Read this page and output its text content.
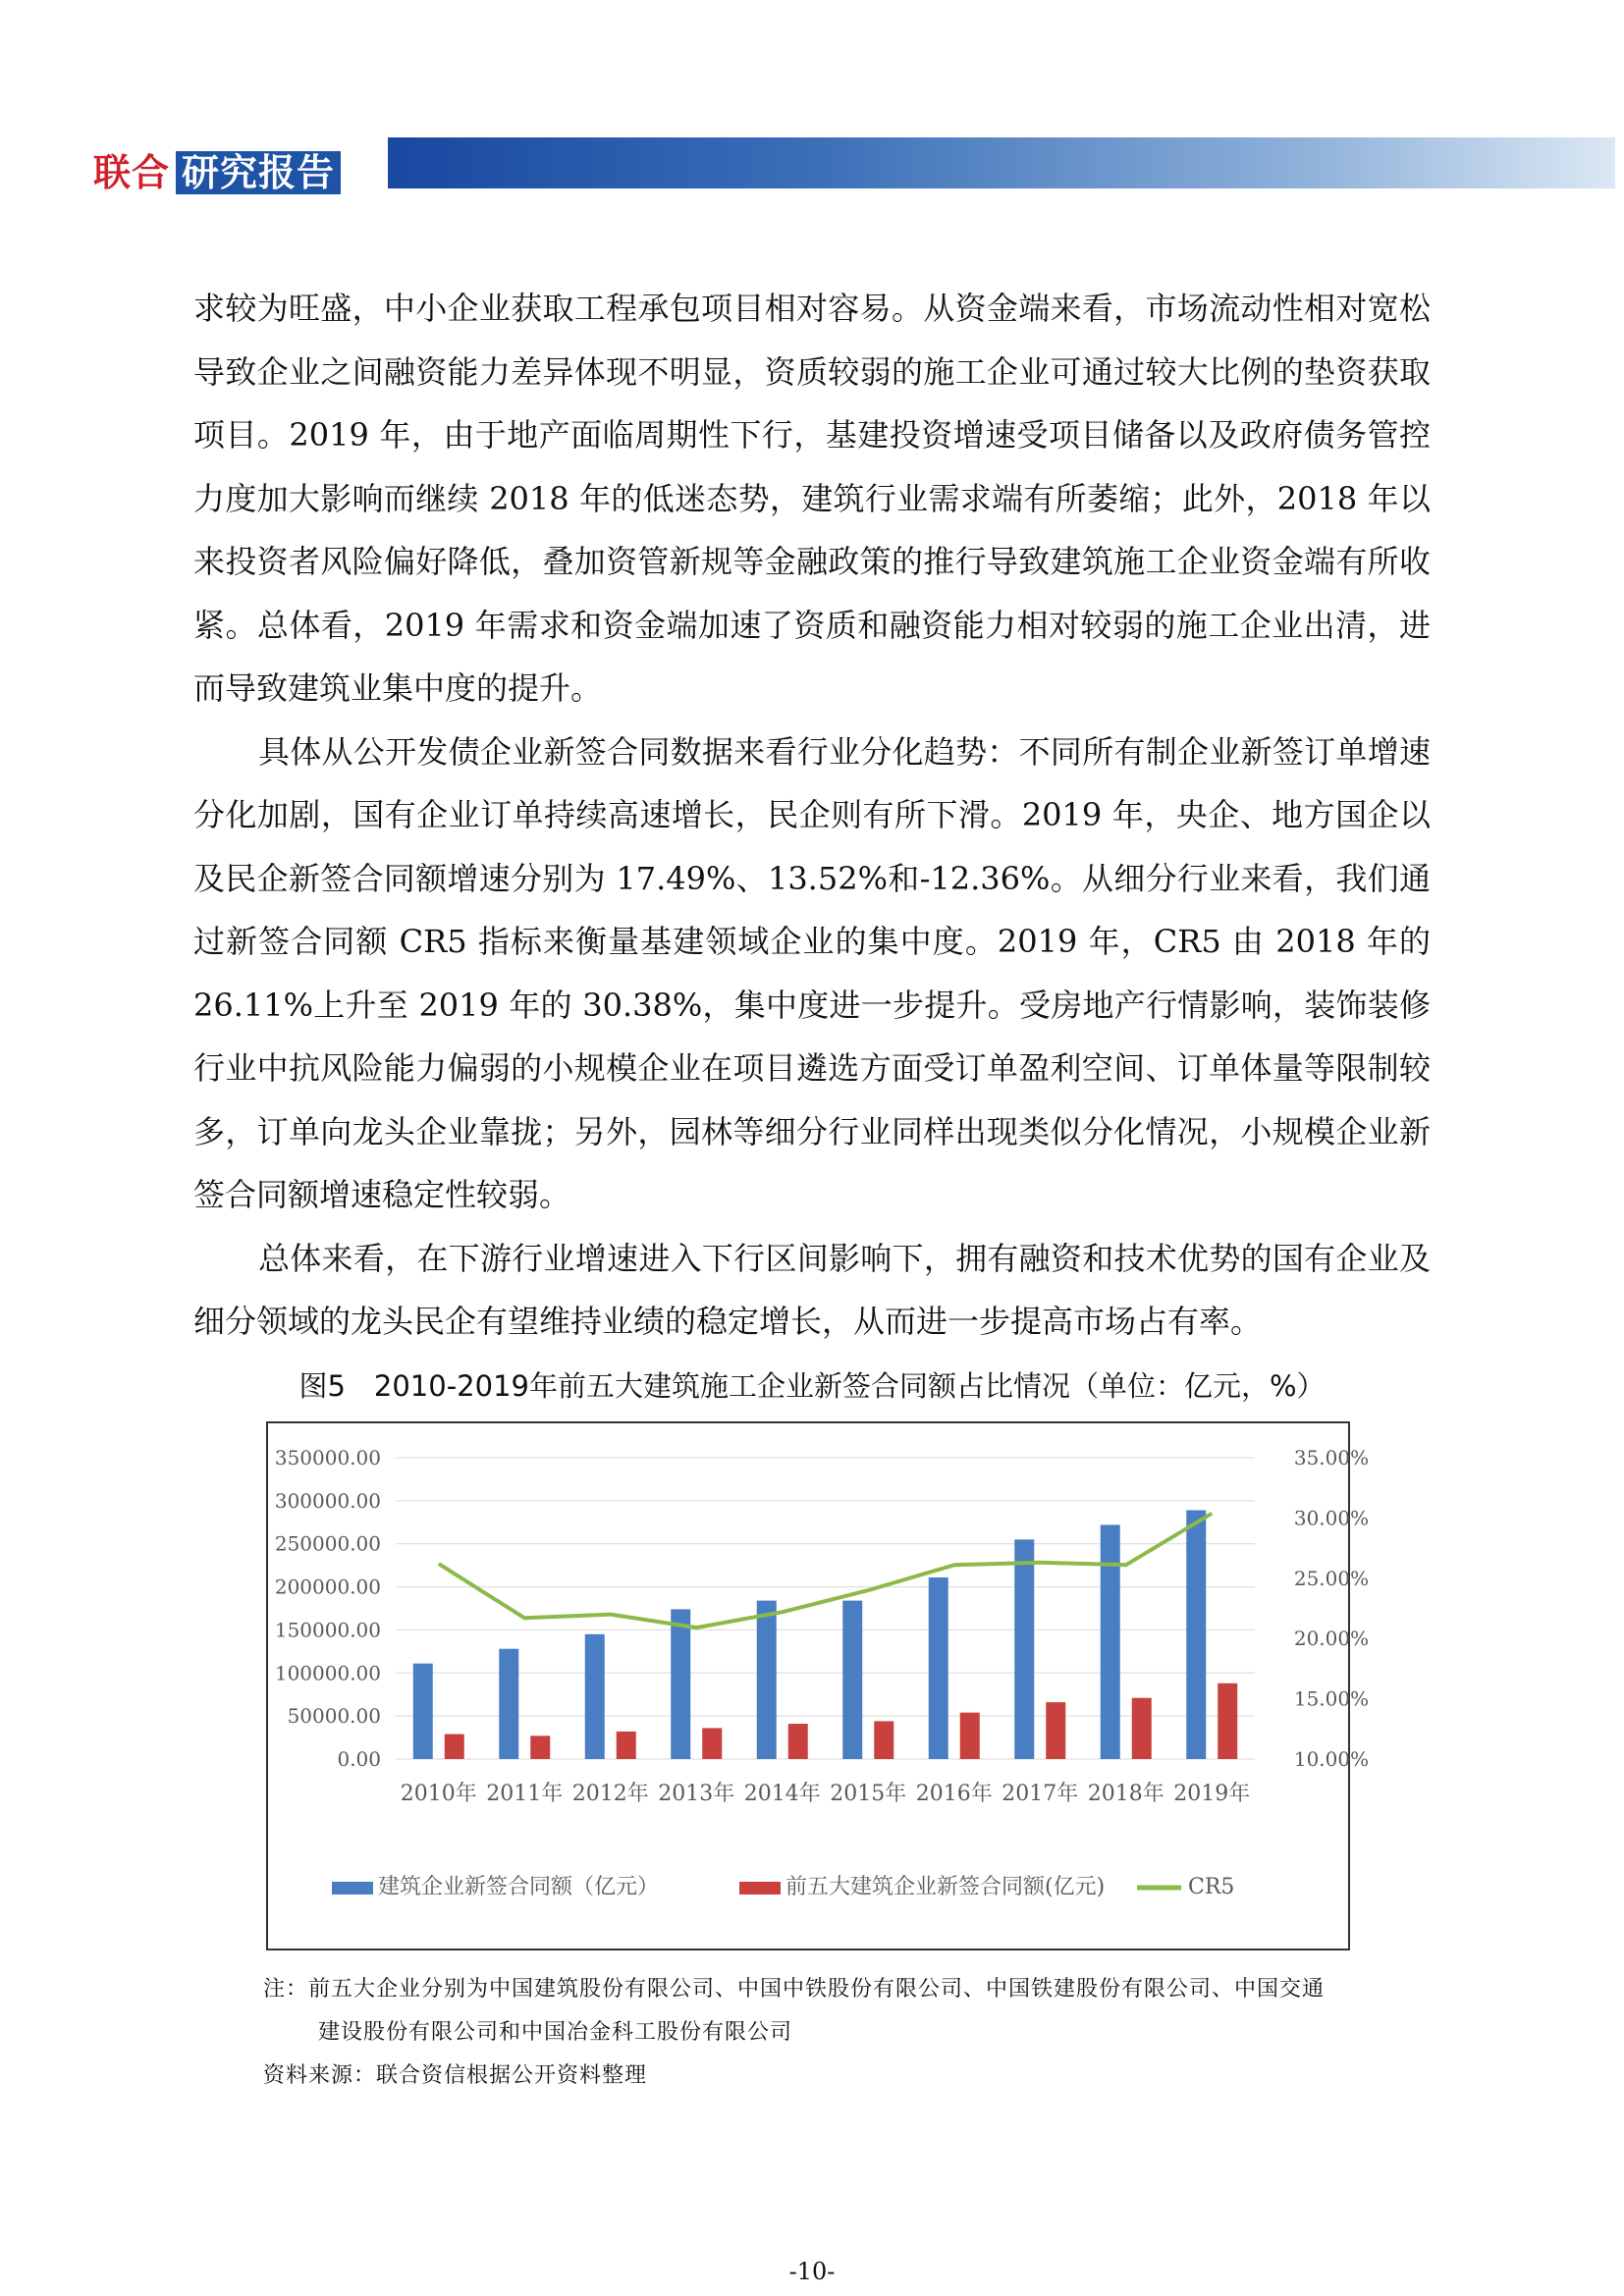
联合 研究报告

求较为旺盛，中小企业获取工程承包项目相对容易。从资金端来看，市场流动性相对宽松导致企业之间融资能力差异体现不明显，资质较弱的施工企业可通过较大比例的垫资获取项目。2019 年，由于地产面临周期性下行，基建投资增速受项目储备以及政府债务管控力度加大影响而继续 2018 年的低迷态势，建筑行业需求端有所萎缩；此外，2018 年以来投资者风险偏好降低，叠加资管新规等金融政策的推行导致建筑施工企业资金端有所收紧。总体看，2019 年需求和资金端加速了资质和融资能力相对较弱的施工企业出清，进而导致建筑业集中度的提升。

具体从公开发债企业新签合同数据来看行业分化趋势：不同所有制企业新签订单增速分化加剧，国有企业订单持续高速增长，民企则有所下滑。2019 年，央企、地方国企以及民企新签合同额增速分别为 17.49%、13.52%和-12.36%。从细分行业来看，我们通过新签合同额 CR5 指标来衡量基建领域企业的集中度。2019 年，CR5 由 2018 年的 26.11%上升至 2019 年的 30.38%，集中度进一步提升。受房地产行情影响，装饰装修行业中抗风险能力偏弱的小规模企业在项目遴选方面受订单盈利空间、订单体量等限制较多，订单向龙头企业靠拢；另外，园林等细分行业同样出现类似分化情况，小规模企业新签合同额增速稳定性较弱。

总体来看，在下游行业增速进入下行区间影响下，拥有融资和技术优势的国有企业及细分领域的龙头民企有望维持业绩的稳定增长，从而进一步提高市场占有率。

图5　2010-2019年前五大建筑施工企业新签合同额占比情况（单位：亿元，%）
0.00
50000.00
100000.00
150000.00
200000.00
250000.00
300000.00
350000.00
10.00%
15.00%
20.00%
25.00%
30.00%
35.00%
2010年 2011年 2012年 2013年 2014年 2015年 2016年 2017年 2018年 2019年
建筑企业新签合同额（亿元）	前五大建筑企业新签合同额(亿元)	CR5
注：前五大企业分别为中国建筑股份有限公司、中国中铁股份有限公司、中国铁建股份有限公司、中国交通
建设股份有限公司和中国冶金科工股份有限公司
资料来源：联合资信根据公开资料整理
-10-
